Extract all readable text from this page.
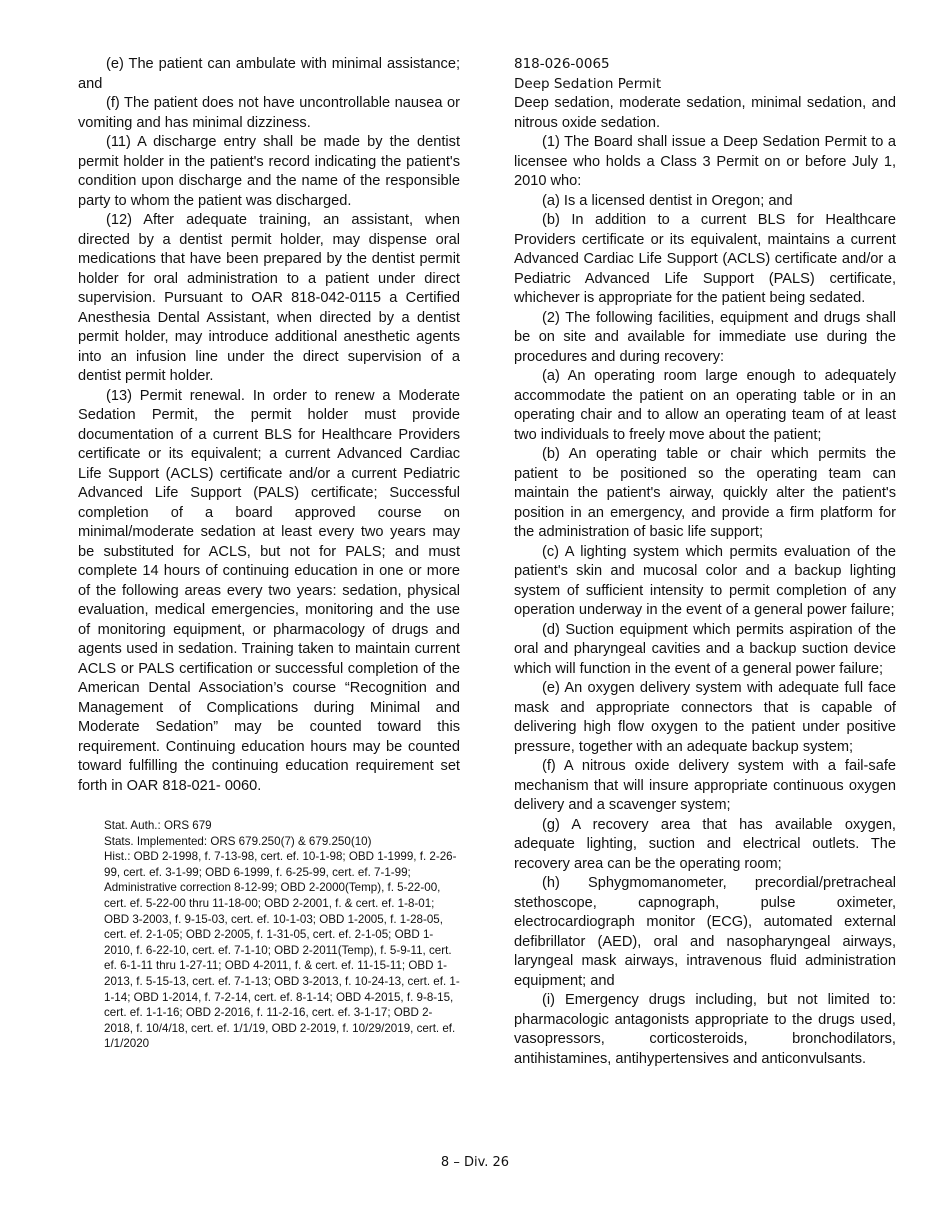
(e) The patient can ambulate with minimal assistance; and

(f) The patient does not have uncontrollable nausea or vomiting and has minimal dizziness.

(11) A discharge entry shall be made by the dentist permit holder in the patient's record indicating the patient's condition upon discharge and the name of the responsible party to whom the patient was discharged.

(12) After adequate training, an assistant, when directed by a dentist permit holder, may dispense oral medications that have been prepared by the dentist permit holder for oral administration to a patient under direct supervision. Pursuant to OAR 818-042-0115 a Certified Anesthesia Dental Assistant, when directed by a dentist permit holder, may introduce additional anesthetic agents into an infusion line under the direct supervision of a dentist permit holder.

(13) Permit renewal. In order to renew a Moderate Sedation Permit, the permit holder must provide documentation of a current BLS for Healthcare Providers certificate or its equivalent; a current Advanced Cardiac Life Support (ACLS) certificate and/or a current Pediatric Advanced Life Support (PALS) certificate; Successful completion of a board approved course on minimal/moderate sedation at least every two years may be substituted for ACLS, but not for PALS; and must complete 14 hours of continuing education in one or more of the following areas every two years: sedation, physical evaluation, medical emergencies, monitoring and the use of monitoring equipment, or pharmacology of drugs and agents used in sedation. Training taken to maintain current ACLS or PALS certification or successful completion of the American Dental Association’s course “Recognition and Management of Complications during Minimal and Moderate Sedation” may be counted toward this requirement. Continuing education hours may be counted toward fulfilling the continuing education requirement set forth in OAR 818-021- 0060.

Stat. Auth.: ORS 679
Stats. Implemented: ORS 679.250(7) & 679.250(10)
Hist.: OBD 2-1998, f. 7-13-98, cert. ef. 10-1-98; OBD 1-1999, f. 2-26-99, cert. ef. 3-1-99; OBD 6-1999, f. 6-25-99, cert. ef. 7-1-99; Administrative correction 8-12-99; OBD 2-2000(Temp), f. 5-22-00, cert. ef. 5-22-00 thru 11-18-00; OBD 2-2001, f. & cert. ef. 1-8-01; OBD 3-2003, f. 9-15-03, cert. ef. 10-1-03; OBD 1-2005, f. 1-28-05, cert. ef. 2-1-05; OBD 2-2005, f. 1-31-05, cert. ef. 2-1-05; OBD 1-2010, f. 6-22-10, cert. ef. 7-1-10; OBD 2-2011(Temp), f. 5-9-11, cert. ef. 6-1-11 thru 1-27-11; OBD 4-2011, f. & cert. ef. 11-15-11; OBD 1-2013, f. 5-15-13, cert. ef. 7-1-13; OBD 3-2013, f. 10-24-13, cert. ef. 1-1-14; OBD 1-2014, f. 7-2-14, cert. ef. 8-1-14; OBD 4-2015, f. 9-8-15, cert. ef. 1-1-16; OBD 2-2016, f. 11-2-16, cert. ef. 3-1-17; OBD 2-2018, f. 10/4/18, cert. ef. 1/1/19, OBD 2-2019, f. 10/29/2019, cert. ef. 1/1/2020
818-026-0065
Deep Sedation Permit

Deep sedation, moderate sedation, minimal sedation, and nitrous oxide sedation.

(1) The Board shall issue a Deep Sedation Permit to a licensee who holds a Class 3 Permit on or before July 1, 2010 who:

(a) Is a licensed dentist in Oregon; and

(b) In addition to a current BLS for Healthcare Providers certificate or its equivalent, maintains a current Advanced Cardiac Life Support (ACLS) certificate and/or a Pediatric Advanced Life Support (PALS) certificate, whichever is appropriate for the patient being sedated.

(2) The following facilities, equipment and drugs shall be on site and available for immediate use during the procedures and during recovery:

(a) An operating room large enough to adequately accommodate the patient on an operating table or in an operating chair and to allow an operating team of at least two individuals to freely move about the patient;

(b) An operating table or chair which permits the patient to be positioned so the operating team can maintain the patient's airway, quickly alter the patient's position in an emergency, and provide a firm platform for the administration of basic life support;

(c) A lighting system which permits evaluation of the patient's skin and mucosal color and a backup lighting system of sufficient intensity to permit completion of any operation underway in the event of a general power failure;

(d) Suction equipment which permits aspiration of the oral and pharyngeal cavities and a backup suction device which will function in the event of a general power failure;

(e) An oxygen delivery system with adequate full face mask and appropriate connectors that is capable of delivering high flow oxygen to the patient under positive pressure, together with an adequate backup system;

(f) A nitrous oxide delivery system with a fail-safe mechanism that will insure appropriate continuous oxygen delivery and a scavenger system;

(g) A recovery area that has available oxygen, adequate lighting, suction and electrical outlets. The recovery area can be the operating room;

(h) Sphygmomanometer, precordial/pretracheal stethoscope, capnograph, pulse oximeter, electrocardiograph monitor (ECG), automated external defibrillator (AED), oral and nasopharyngeal airways, laryngeal mask airways, intravenous fluid administration equipment; and

(i) Emergency drugs including, but not limited to: pharmacologic antagonists appropriate to the drugs used, vasopressors, corticosteroids, bronchodilators, antihistamines, antihypertensives and anticonvulsants.

8 – Div. 26
